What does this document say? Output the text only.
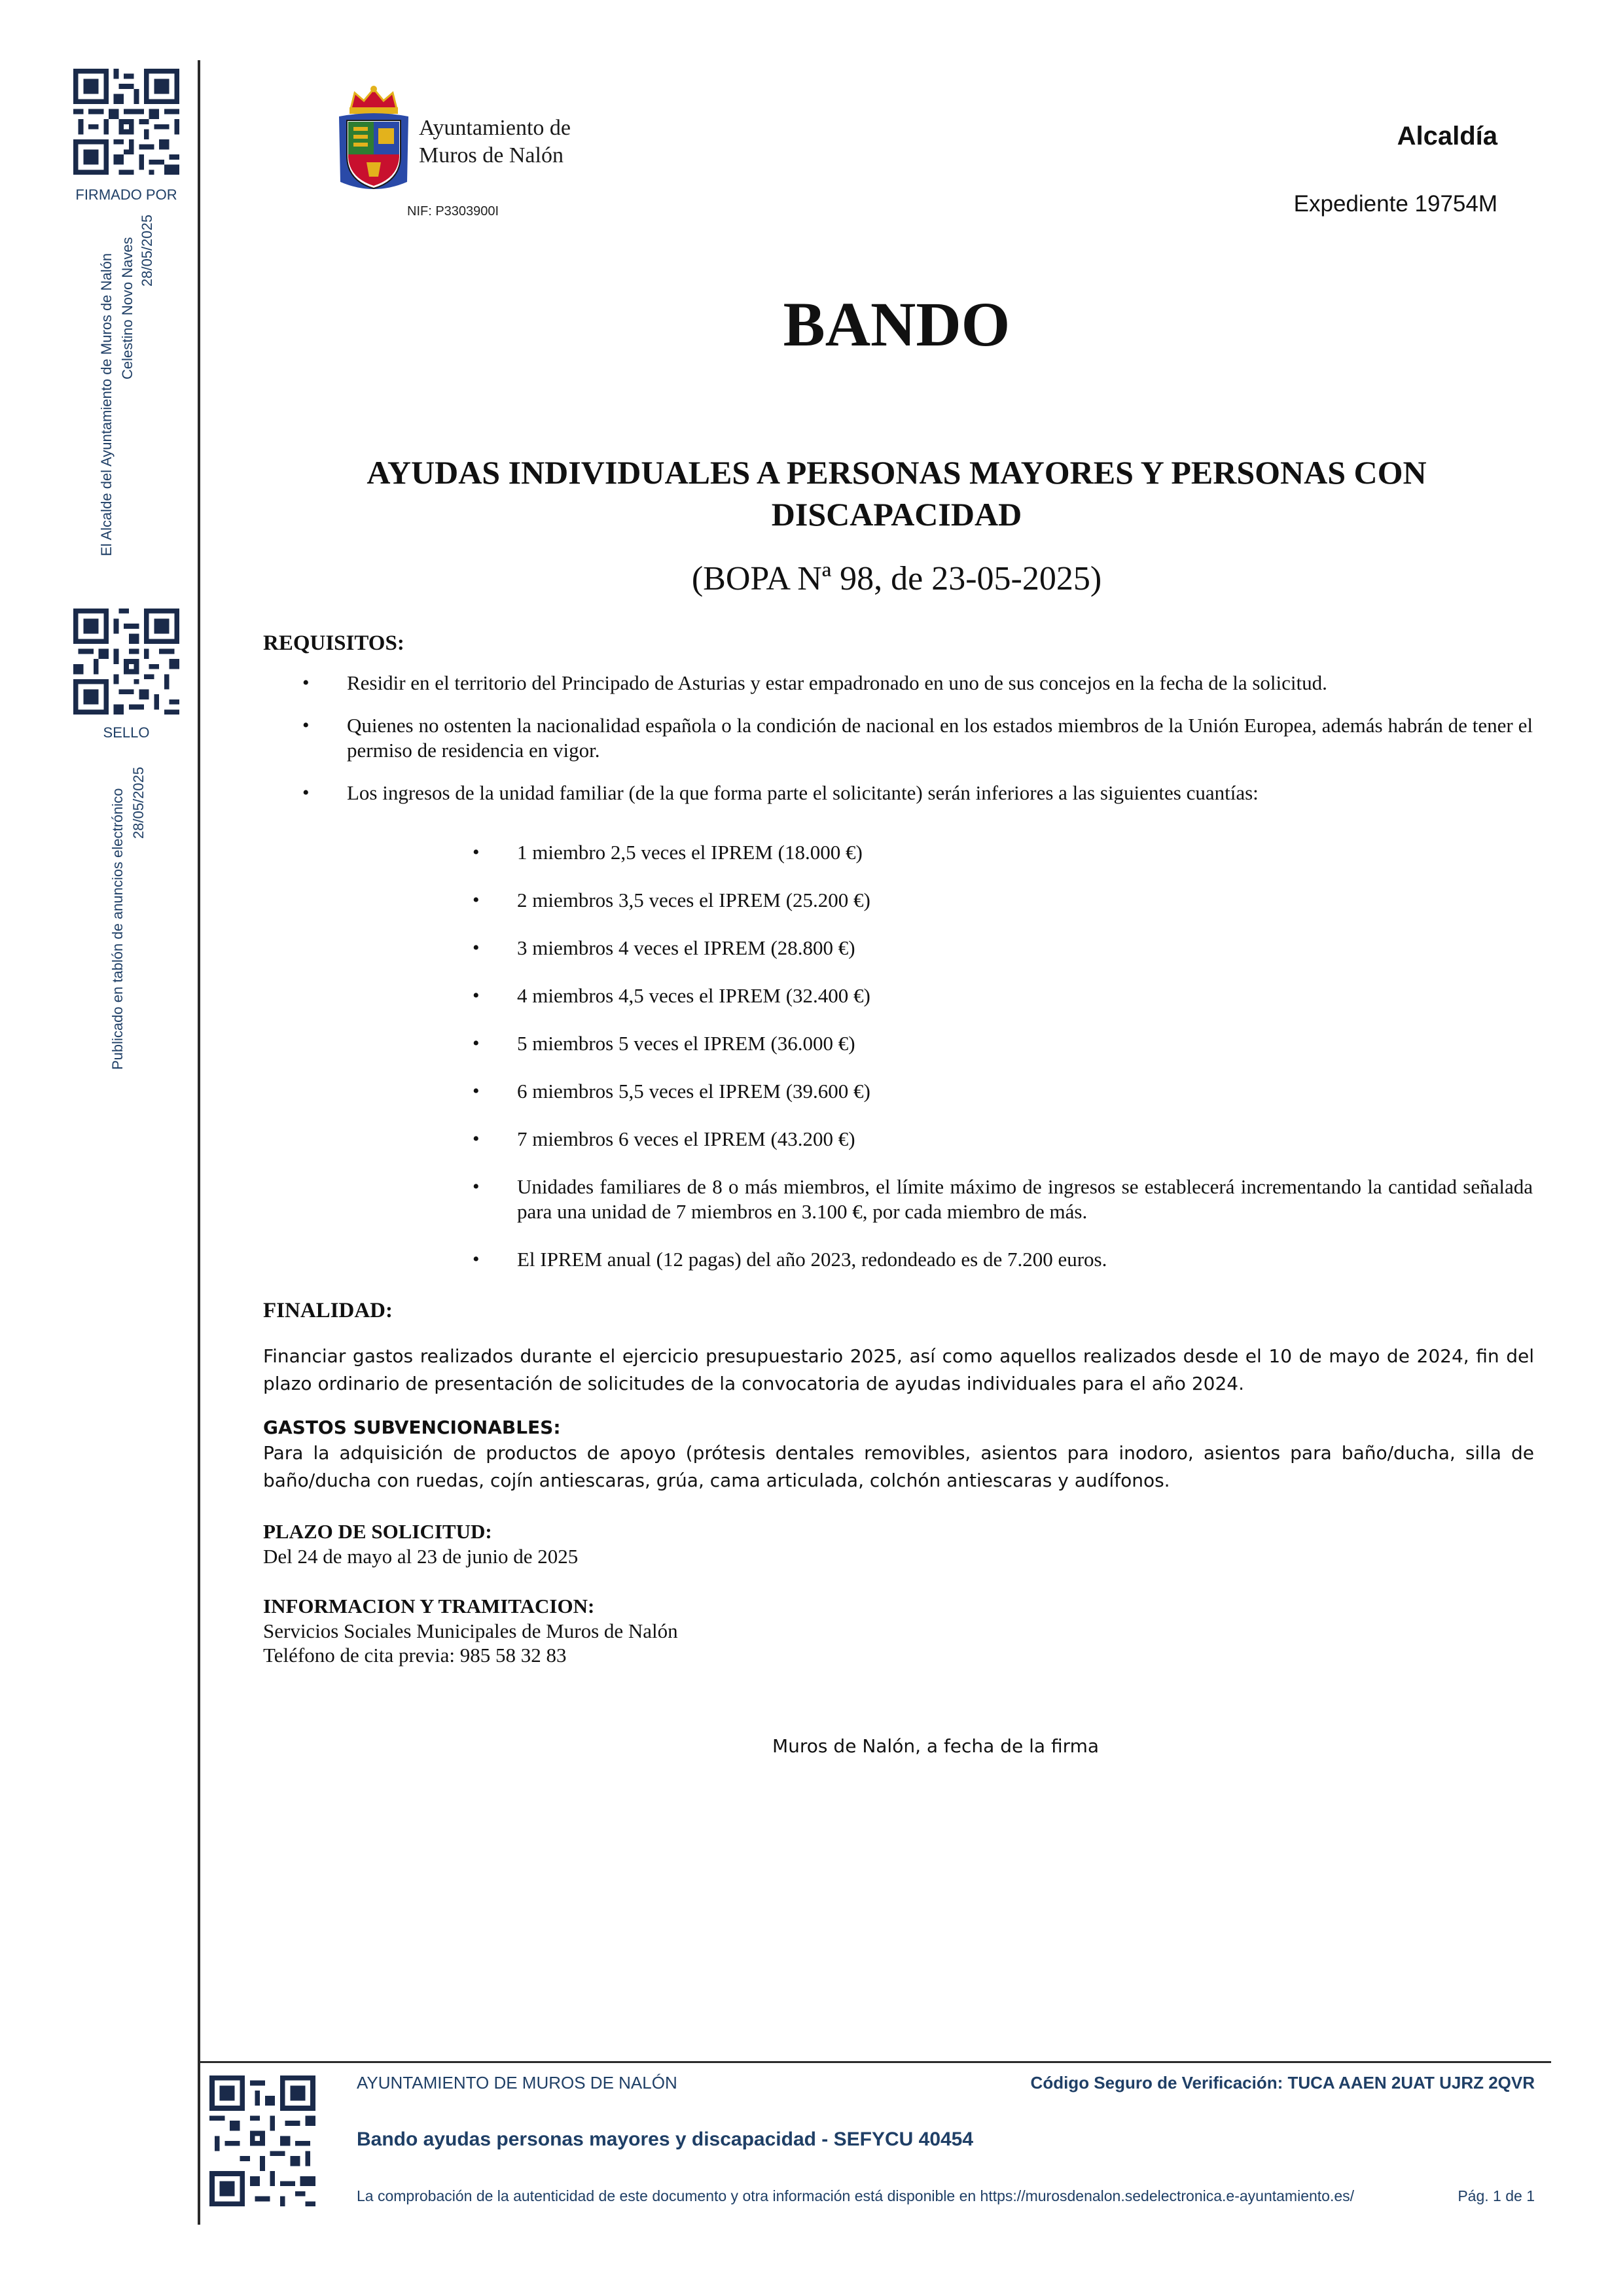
FIRMADO POR
El Alcalde del Ayuntamiento de Muros de Nalón Celestino Novo Naves 28/05/2025
SELLO
Publicado en tablón de anuncios electrónico 28/05/2025
Ayuntamiento de
Muros de Nalón
NIF: P3303900I
Alcaldía
Expediente 19754M
BANDO
AYUDAS INDIVIDUALES A PERSONAS MAYORES Y PERSONAS CON
DISCAPACIDAD
(BOPA Nª 98, de 23-05-2025)
REQUISITOS:
• Residir en el territorio del Principado de Asturias y estar empadronado en uno de sus concejos en la fecha de la solicitud.
• Quienes no ostenten la nacionalidad española o la condición de nacional en los estados miembros de la Unión Europea, además habrán de tener el permiso de residencia en vigor.
• Los ingresos de la unidad familiar (de la que forma parte el solicitante) serán inferiores a las siguientes cuantías:
• 1 miembro 2,5 veces el IPREM (18.000 €)
• 2 miembros 3,5 veces el IPREM (25.200 €)
• 3 miembros 4 veces el IPREM (28.800 €)
• 4 miembros 4,5 veces el IPREM (32.400 €)
• 5 miembros 5 veces el IPREM (36.000 €)
• 6 miembros 5,5 veces el IPREM (39.600 €)
• 7 miembros 6 veces el IPREM (43.200 €)
• Unidades familiares de 8 o más miembros, el límite máximo de ingresos se establecerá incrementando la cantidad señalada para una unidad de 7 miembros en 3.100 €, por cada miembro de más.
• El IPREM anual (12 pagas) del año 2023, redondeado es de 7.200 euros.
FINALIDAD:
Financiar gastos realizados durante el ejercicio presupuestario 2025, así como aquellos realizados desde el 10 de mayo de 2024, fin del plazo ordinario de presentación de solicitudes de la convocatoria de ayudas individuales para el año 2024.
GASTOS SUBVENCIONABLES:
Para la adquisición de productos de apoyo (prótesis dentales removibles, asientos para inodoro, asientos para baño/ducha, silla de baño/ducha con ruedas, cojín antiescaras, grúa, cama articulada, colchón antiescaras y audífonos.
PLAZO DE SOLICITUD:
Del 24 de mayo al 23 de junio de 2025
INFORMACION Y TRAMITACION:
Servicios Sociales Municipales de Muros de Nalón
Teléfono de cita previa: 985 58 32 83
Muros de Nalón, a fecha de la firma
AYUNTAMIENTO DE MUROS DE NALÓN	Código Seguro de Verificación: TUCA AAEN 2UAT UJRZ 2QVR
Bando ayudas personas mayores y discapacidad - SEFYCU 40454
La comprobación de la autenticidad de este documento y otra información está disponible en https://murosdenalon.sedelectronica.e-ayuntamiento.es/	Pág. 1 de 1
